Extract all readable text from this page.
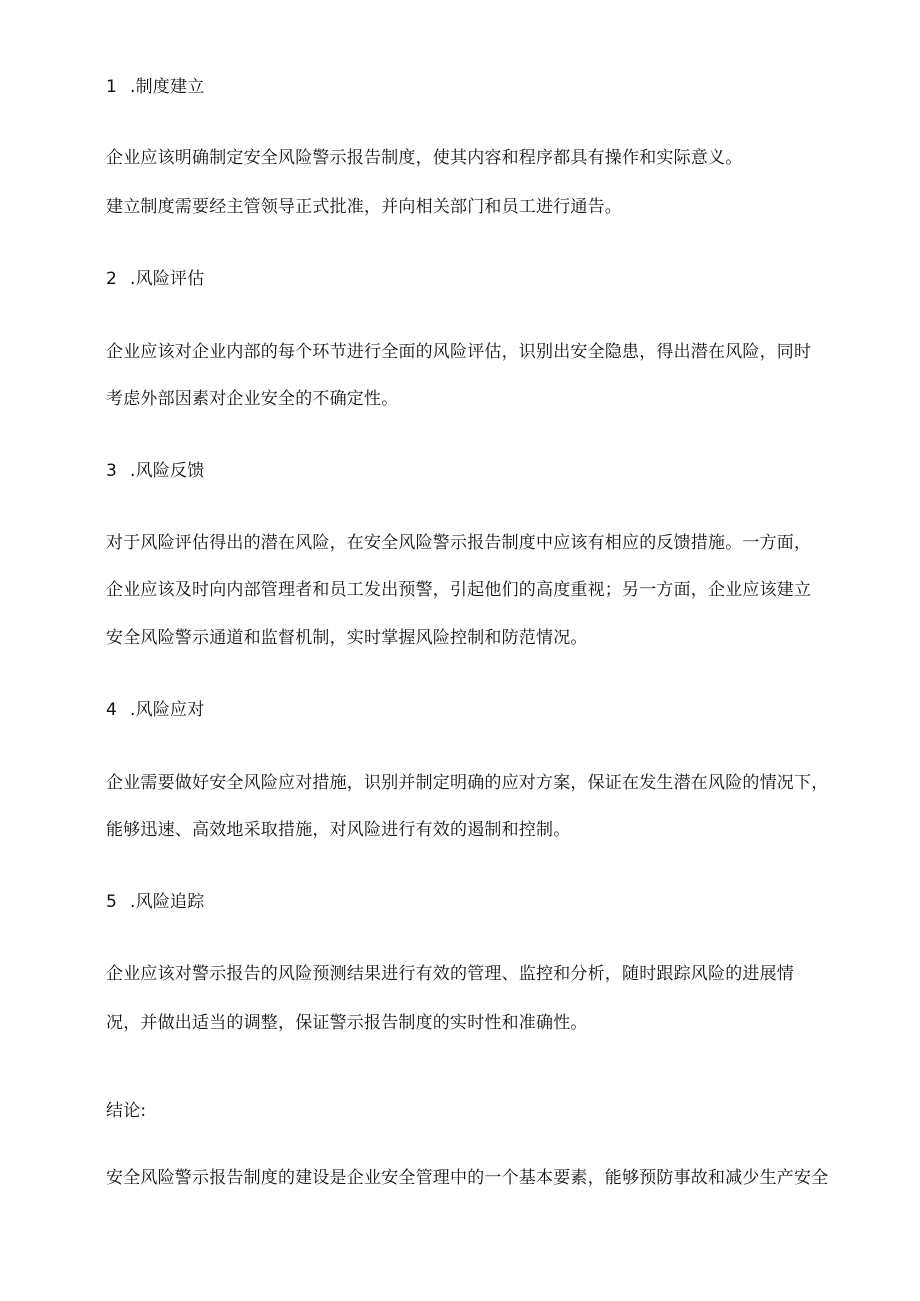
1 .制度建立
企业应该明确制定安全风险警示报告制度，使其内容和程序都具有操作和实际意义。
建立制度需要经主管领导正式批准，并向相关部门和员工进行通告。
2 .风险评估
企业应该对企业内部的每个环节进行全面的风险评估，识别出安全隐患，得出潜在风险，同时
考虑外部因素对企业安全的不确定性。
3 .风险反馈
对于风险评估得出的潜在风险，在安全风险警示报告制度中应该有相应的反馈措施。一方面，
企业应该及时向内部管理者和员工发出预警，引起他们的高度重视；另一方面，企业应该建立
安全风险警示通道和监督机制，实时掌握风险控制和防范情况。
4 .风险应对
企业需要做好安全风险应对措施，识别并制定明确的应对方案，保证在发生潜在风险的情况下，
能够迅速、高效地采取措施，对风险进行有效的遏制和控制。
5 .风险追踪
企业应该对警示报告的风险预测结果进行有效的管理、监控和分析，随时跟踪风险的进展情
况，并做出适当的调整，保证警示报告制度的实时性和准确性。
结论:
安全风险警示报告制度的建设是企业安全管理中的一个基本要素，能够预防事故和减少生产安全
